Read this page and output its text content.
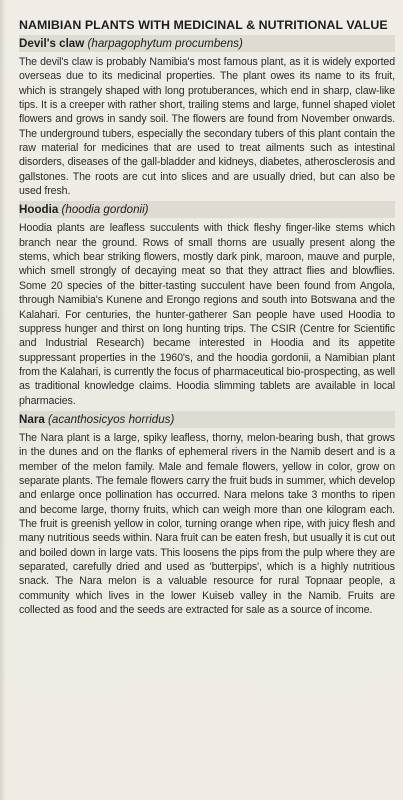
NAMIBIAN PLANTS WITH MEDICINAL & NUTRITIONAL VALUE
Devil's claw (harpagophytum procumbens)

The devil's claw is probably Namibia's most famous plant, as it is widely exported overseas due to its medicinal properties. The plant owes its name to its fruit, which is strangely shaped with long protuberances, which end in sharp, claw-like tips. It is a creeper with rather short, trailing stems and large, funnel shaped violet flowers and grows in sandy soil. The flowers are found from November onwards. The underground tubers, especially the secondary tubers of this plant contain the raw material for medicines that are used to treat ailments such as intestinal disorders, diseases of the gall-bladder and kidneys, diabetes, atherosclerosis and gallstones. The roots are cut into slices and are usually dried, but can also be used fresh.

Hoodia (hoodia gordonii)

Hoodia plants are leafless succulents with thick fleshy finger-like stems which branch near the ground. Rows of small thorns are usually present along the stems, which bear striking flowers, mostly dark pink, maroon, mauve and purple, which smell strongly of decaying meat so that they attract flies and blowflies. Some 20 species of the bitter-tasting succulent have been found from Angola, through Namibia's Kunene and Erongo regions and south into Botswana and the Kalahari. For centuries, the hunter-gatherer San people have used Hoodia to suppress hunger and thirst on long hunting trips. The CSIR (Centre for Scientific and Industrial Research) became interested in Hoodia and its appetite suppressant properties in the 1960's, and the hoodia gordonii, a Namibian plant from the Kalahari, is currently the focus of pharmaceutical bio-prospecting, as well as traditional knowledge claims. Hoodia slimming tablets are available in local pharmacies.

Nara (acanthosicyos horridus)

The Nara plant is a large, spiky leafless, thorny, melon-bearing bush, that grows in the dunes and on the flanks of ephemeral rivers in the Namib desert and is a member of the melon family. Male and female flowers, yellow in color, grow on separate plants. The female flowers carry the fruit buds in summer, which develop and enlarge once pollination has occurred. Nara melons take 3 months to ripen and become large, thorny fruits, which can weigh more than one kilogram each. The fruit is greenish yellow in color, turning orange when ripe, with juicy flesh and many nutritious seeds within. Nara fruit can be eaten fresh, but usually it is cut out and boiled down in large vats. This loosens the pips from the pulp where they are separated, carefully dried and used as 'butterpips', which is a highly nutritious snack. The Nara melon is a valuable resource for rural Topnaar people, a community which lives in the lower Kuiseb valley in the Namib. Fruits are collected as food and the seeds are extracted for sale as a source of income.
